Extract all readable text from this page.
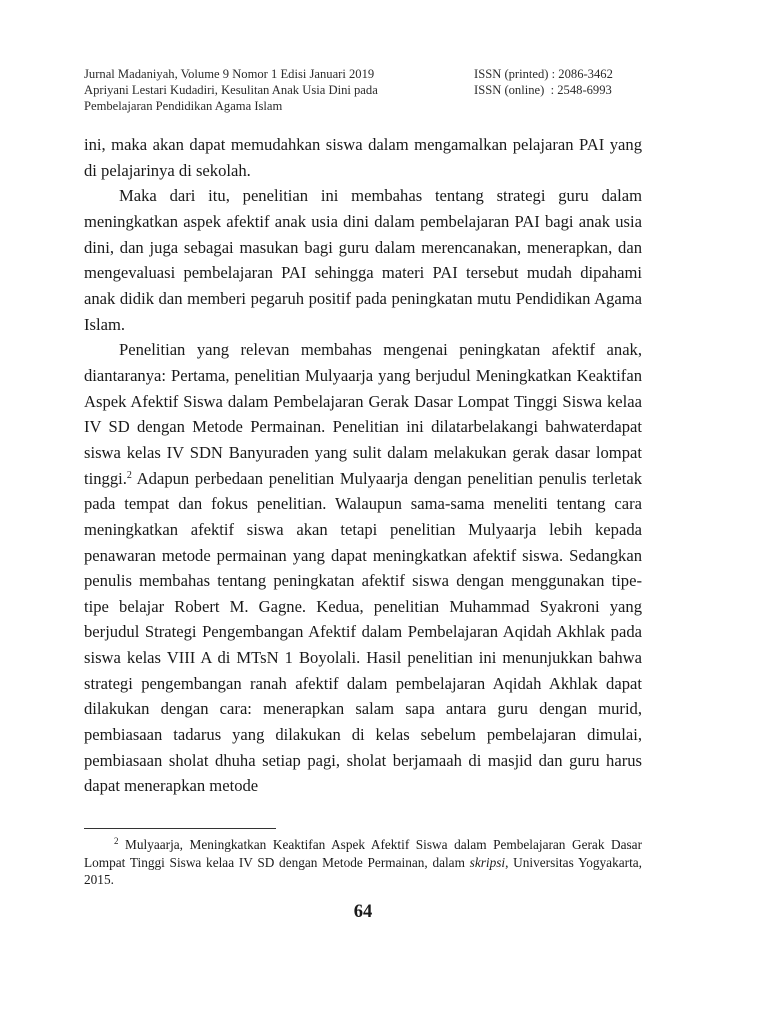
Jurnal Madaniyah, Volume 9 Nomor 1 Edisi Januari 2019	ISSN (printed) : 2086-3462
Apriyani Lestari Kudadiri, Kesulitan Anak Usia Dini pada	ISSN (online)  : 2548-6993
Pembelajaran Pendidikan Agama Islam

ini, maka akan dapat memudahkan siswa dalam mengamalkan pelajaran PAI yang di pelajarinya di sekolah.

Maka dari itu, penelitian ini membahas tentang strategi guru dalam meningkatkan aspek afektif anak usia dini dalam pembelajaran PAI bagi anak usia dini, dan juga sebagai masukan bagi guru dalam merencanakan, menerapkan, dan mengevaluasi pembelajaran PAI sehingga materi PAI tersebut mudah dipahami anak didik dan memberi pegaruh positif pada peningkatan mutu Pendidikan Agama Islam.

Penelitian yang relevan membahas mengenai peningkatan afektif anak, diantaranya: Pertama, penelitian Mulyaarja yang berjudul Meningkatkan Keaktifan Aspek Afektif Siswa dalam Pembelajaran Gerak Dasar Lompat Tinggi Siswa kelaa IV SD dengan Metode Permainan. Penelitian ini dilatarbelakangi bahwaterdapat siswa kelas IV SDN Banyuraden yang sulit dalam melakukan gerak dasar lompat tinggi.$^2$ Adapun perbedaan penelitian Mulyaarja dengan penelitian penulis terletak pada tempat dan fokus penelitian. Walaupun sama-sama meneliti tentang cara meningkatkan afektif siswa akan tetapi penelitian Mulyaarja lebih kepada penawaran metode permainan yang dapat meningkatkan afektif siswa. Sedangkan penulis membahas tentang peningkatan afektif siswa dengan menggunakan tipe-tipe belajar Robert M. Gagne. Kedua, penelitian Muhammad Syakroni yang berjudul Strategi Pengembangan Afektif dalam Pembelajaran Aqidah Akhlak pada siswa kelas VIII A di MTsN 1 Boyolali. Hasil penelitian ini menunjukkan bahwa strategi pengembangan ranah afektif dalam pembelajaran Aqidah Akhlak dapat dilakukan dengan cara: menerapkan salam sapa antara guru dengan murid, pembiasaan tadarus yang dilakukan di kelas sebelum pembelajaran dimulai, pembiasaan sholat dhuha setiap pagi, sholat berjamaah di masjid dan guru harus dapat menerapkan metode

$^2$ Mulyaarja, Meningkatkan Keaktifan Aspek Afektif Siswa dalam Pembelajaran Gerak Dasar Lompat Tinggi Siswa kelaa IV SD dengan Metode Permainan, dalam skripsi, Universitas Yogyakarta, 2015.
64
